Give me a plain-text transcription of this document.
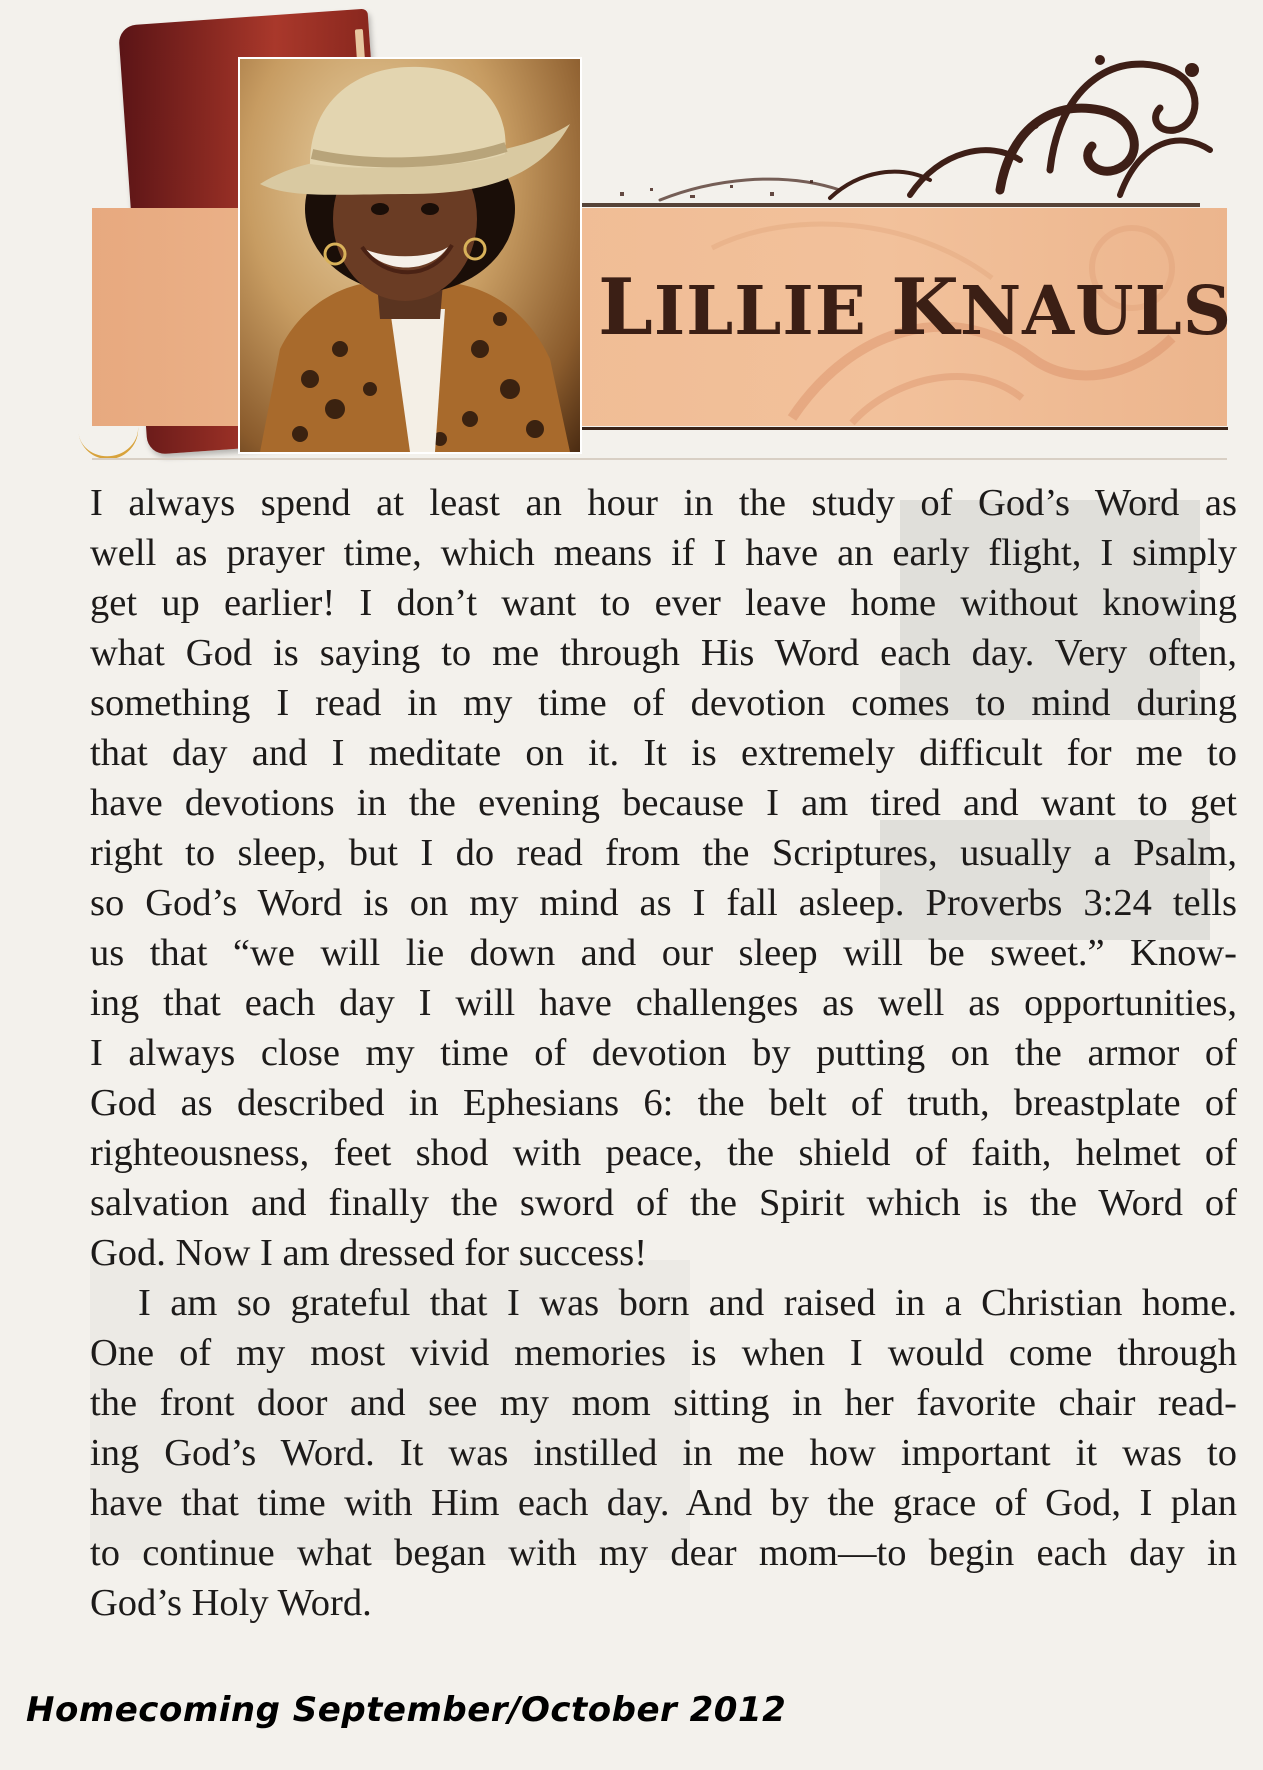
LILLIE KNAULS
I always spend at least an hour in the study of God’s Word as
well as prayer time, which means if I have an early flight, I simply
get up earlier! I don’t want to ever leave home without knowing
what God is saying to me through His Word each day. Very often,
something I read in my time of devotion comes to mind during
that day and I meditate on it. It is extremely difficult for me to
have devotions in the evening because I am tired and want to get
right to sleep, but I do read from the Scriptures, usually a Psalm,
so God’s Word is on my mind as I fall asleep. Proverbs 3:24 tells
us that “we will lie down and our sleep will be sweet.” Know-
ing that each day I will have challenges as well as opportunities,
I always close my time of devotion by putting on the armor of
God as described in Ephesians 6: the belt of truth, breastplate of
righteousness, feet shod with peace, the shield of faith, helmet of
salvation and finally the sword of the Spirit which is the Word of
God. Now I am dressed for success!
I am so grateful that I was born and raised in a Christian home.
One of my most vivid memories is when I would come through
the front door and see my mom sitting in her favorite chair read-
ing God’s Word. It was instilled in me how important it was to
have that time with Him each day. And by the grace of God, I plan
to continue what began with my dear mom—to begin each day in
God’s Holy Word.
Homecoming September/October 2012
